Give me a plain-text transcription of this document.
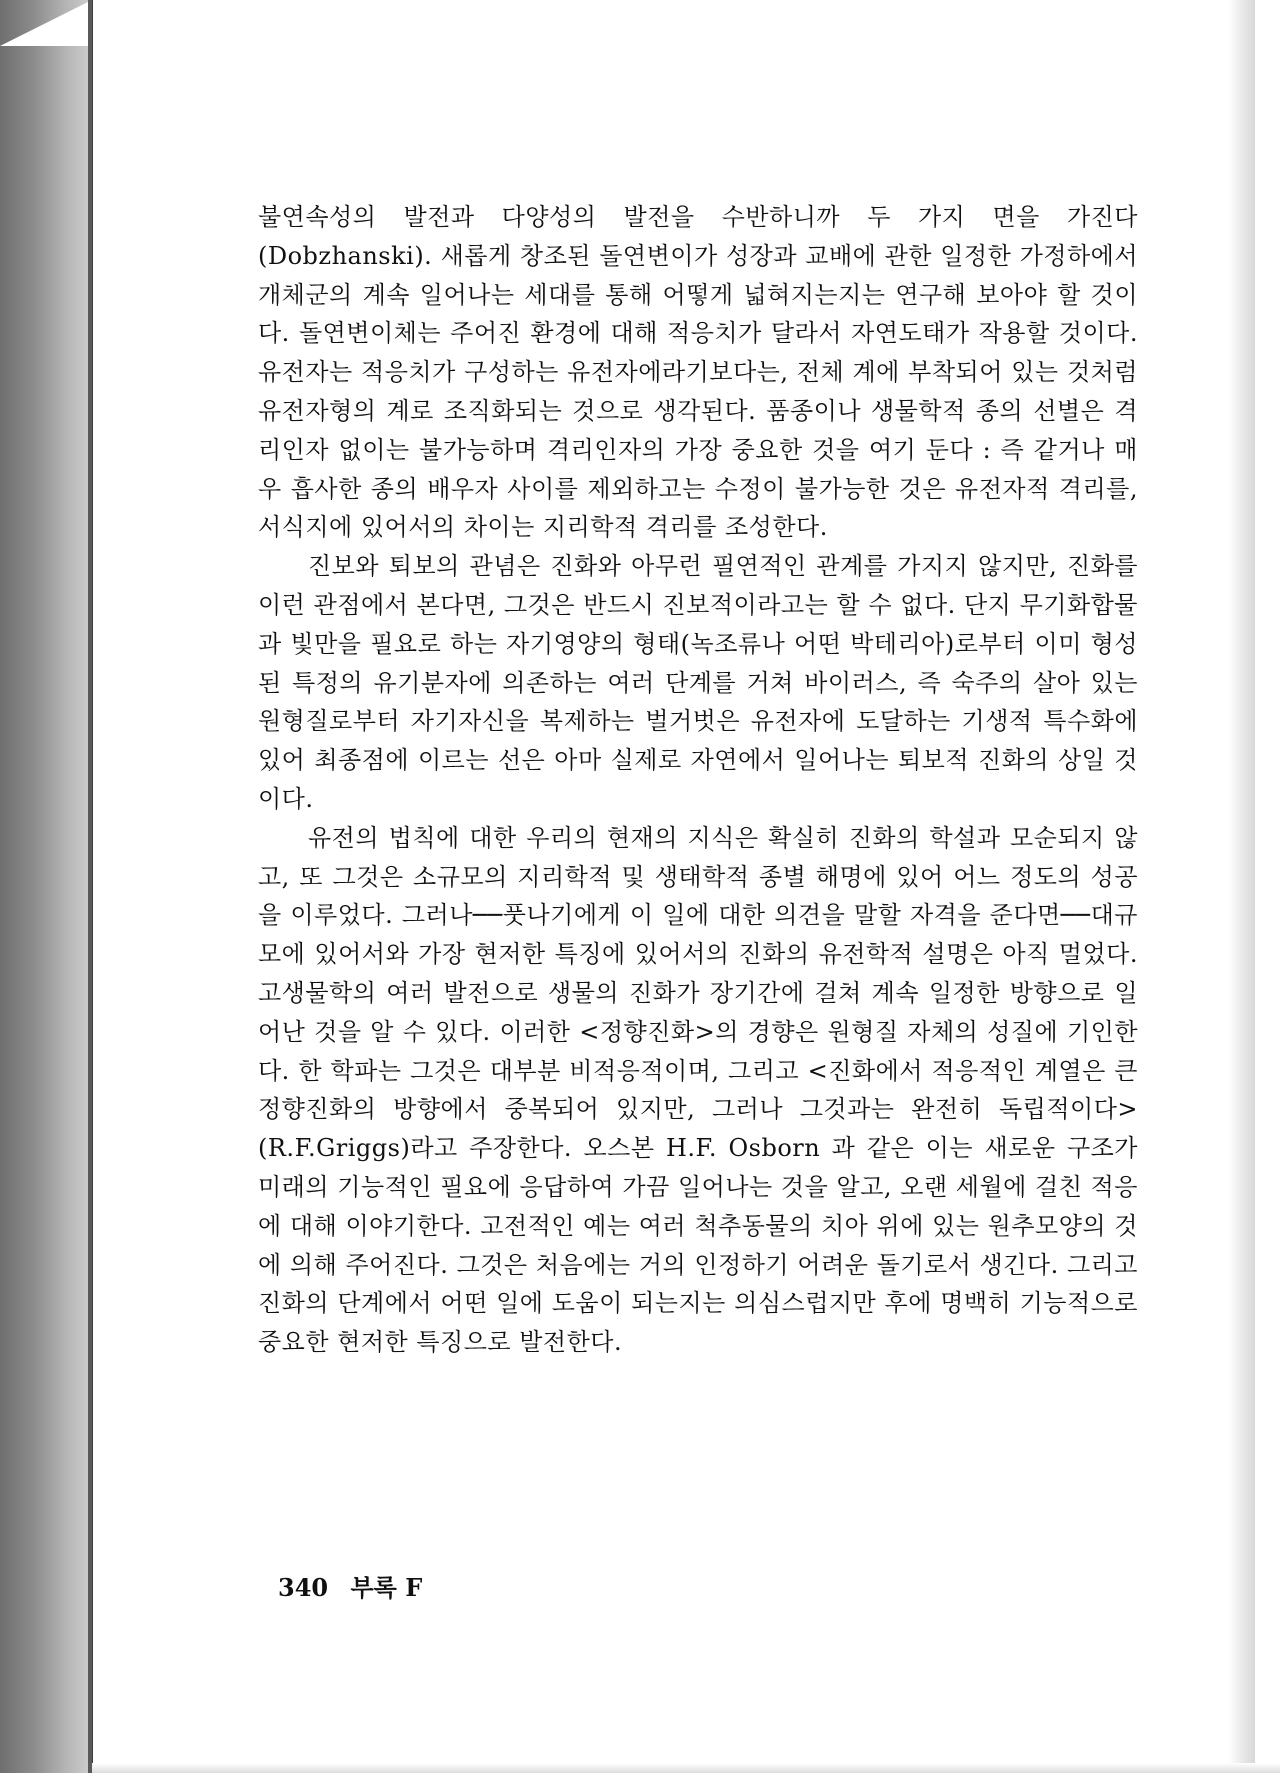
불연속성의 발전과 다양성의 발전을 수반하니까 두 가지 면을 가진다 (Dobzhanski). 새롭게 창조된 돌연변이가 성장과 교배에 관한 일정한 가정하에서 개체군의 계속 일어나는 세대를 통해 어떻게 넓혀지는지는 연구해 보아야 할 것이다. 돌연변이체는 주어진 환경에 대해 적응치가 달라서 자연도태가 작용할 것이다. 유전자는 적응치가 구성하는 유전자에라기보다는, 전체 계에 부착되어 있는 것처럼 유전자형의 계로 조직화되는 것으로 생각된다. 품종이나 생물학적 종의 선별은 격리인자 없이는 불가능하며 격리인자의 가장 중요한 것을 여기 둔다 : 즉 같거나 매우 흡사한 종의 배우자 사이를 제외하고는 수정이 불가능한 것은 유전자적 격리를, 서식지에 있어서의 차이는 지리학적 격리를 조성한다.

진보와 퇴보의 관념은 진화와 아무런 필연적인 관계를 가지지 않지만, 진화를 이런 관점에서 본다면, 그것은 반드시 진보적이라고는 할 수 없다. 단지 무기화합물과 빛만을 필요로 하는 자기영양의 형태(녹조류나 어떤 박테리아)로부터 이미 형성된 특정의 유기분자에 의존하는 여러 단계를 거쳐 바이러스, 즉 숙주의 살아 있는 원형질로부터 자기자신을 복제하는 벌거벗은 유전자에 도달하는 기생적 특수화에 있어 최종점에 이르는 선은 아마 실제로 자연에서 일어나는 퇴보적 진화의 상일 것이다.

유전의 법칙에 대한 우리의 현재의 지식은 확실히 진화의 학설과 모순되지 않고, 또 그것은 소규모의 지리학적 및 생태학적 종별 해명에 있어 어느 정도의 성공을 이루었다. 그러나──풋나기에게 이 일에 대한 의견을 말할 자격을 준다면──대규모에 있어서와 가장 현저한 특징에 있어서의 진화의 유전학적 설명은 아직 멀었다. 고생물학의 여러 발전으로 생물의 진화가 장기간에 걸쳐 계속 일정한 방향으로 일어난 것을 알 수 있다. 이러한 <정향진화>의 경향은 원형질 자체의 성질에 기인한다. 한 학파는 그것은 대부분 비적응적이며, 그리고 <진화에서 적응적인 계열은 큰 정향진화의 방향에서 중복되어 있지만, 그러나 그것과는 완전히 독립적이다>(R.F.Griggs)라고 주장한다. 오스본 H.F. Osborn 과 같은 이는 새로운 구조가 미래의 기능적인 필요에 응답하여 가끔 일어나는 것을 알고, 오랜 세월에 걸친 적응에 대해 이야기한다. 고전적인 예는 여러 척추동물의 치아 위에 있는 원추모양의 것에 의해 주어진다. 그것은 처음에는 거의 인정하기 어려운 돌기로서 생긴다. 그리고 진화의 단계에서 어떤 일에 도움이 되는지는 의심스럽지만 후에 명백히 기능적으로 중요한 현저한 특징으로 발전한다.

340 부록 F
